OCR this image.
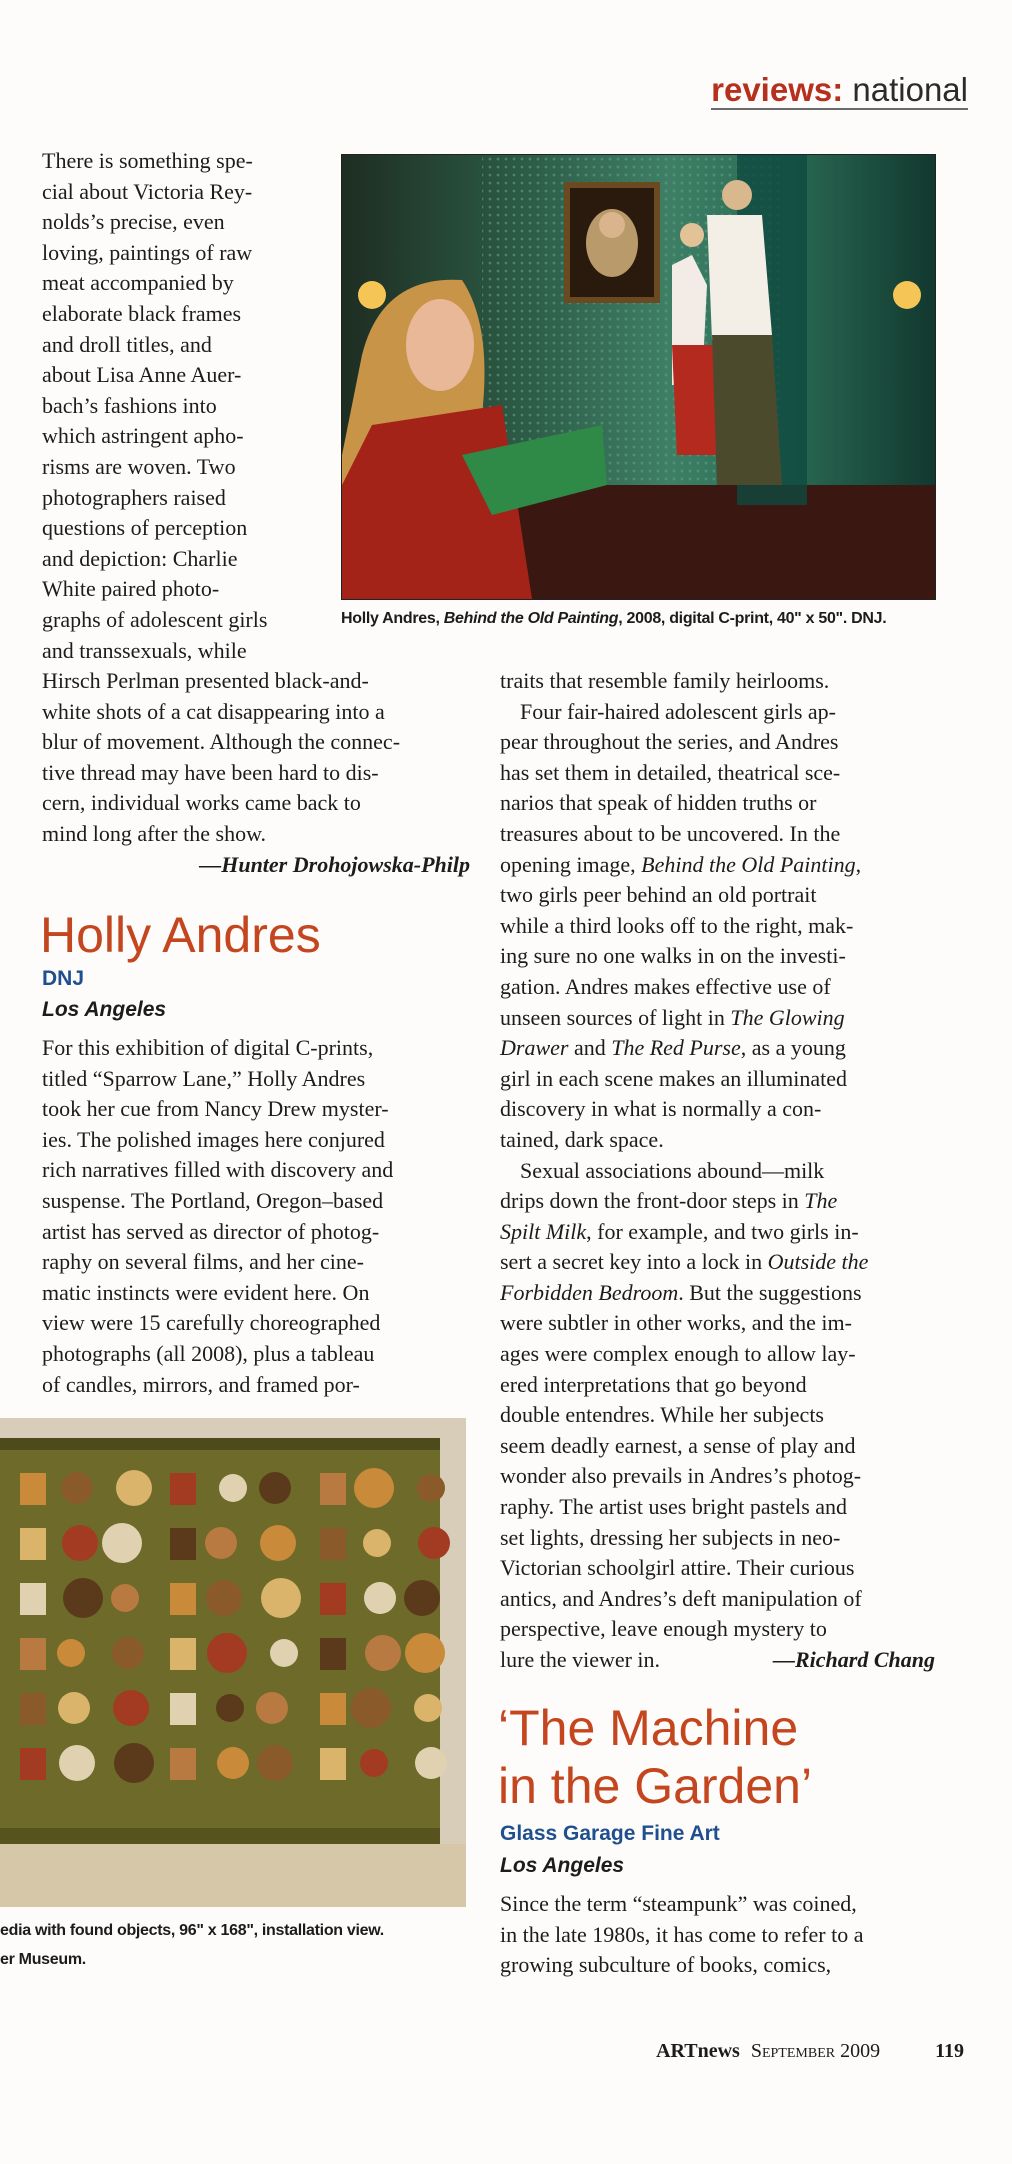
reviews: national
There is something spe-
cial about Victoria Rey-
nolds’s precise, even
loving, paintings of raw
meat accompanied by
elaborate black frames
and droll titles, and
about Lisa Anne Auer-
bach’s fashions into
which astringent apho-
risms are woven. Two
photographers raised
questions of perception
and depiction: Charlie
White paired photo-
graphs of adolescent girls
and transsexuals, while
Hirsch Perlman presented black-and-
white shots of a cat disappearing into a
blur of movement. Although the connec-
tive thread may have been hard to dis-
cern, individual works came back to
mind long after the show.
—Hunter Drohojowska-Philp
Holly Andres, Behind the Old Painting, 2008, digital C-print, 40" x 50". DNJ.
Holly Andres
DNJ
Los Angeles
For this exhibition of digital C-prints,
titled “Sparrow Lane,” Holly Andres
took her cue from Nancy Drew myster-
ies. The polished images here conjured
rich narratives filled with discovery and
suspense. The Portland, Oregon–based
artist has served as director of photog-
raphy on several films, and her cine-
matic instincts were evident here. On
view were 15 carefully choreographed
photographs (all 2008), plus a tableau
of candles, mirrors, and framed por-
traits that resemble family heirlooms.
Four fair-haired adolescent girls ap-
pear throughout the series, and Andres
has set them in detailed, theatrical sce-
narios that speak of hidden truths or
treasures about to be uncovered. In the
opening image, Behind the Old Painting,
two girls peer behind an old portrait
while a third looks off to the right, mak-
ing sure no one walks in on the investi-
gation. Andres makes effective use of
unseen sources of light in The Glowing
Drawer and The Red Purse, as a young
girl in each scene makes an illuminated
discovery in what is normally a con-
tained, dark space.
Sexual associations abound—milk
drips down the front-door steps in The
Spilt Milk, for example, and two girls in-
sert a secret key into a lock in Outside the
Forbidden Bedroom. But the suggestions
were subtler in other works, and the im-
ages were complex enough to allow lay-
ered interpretations that go beyond
double entendres. While her subjects
seem deadly earnest, a sense of play and
wonder also prevails in Andres’s photog-
raphy. The artist uses bright pastels and
set lights, dressing her subjects in neo-
Victorian schoolgirl attire. Their curious
antics, and Andres’s deft manipulation of
perspective, leave enough mystery to
lure the viewer in.	—Richard Chang
edia with found objects, 96" x 168", installation view.
er Museum.
‘The Machine
in the Garden’
Glass Garage Fine Art
Los Angeles
Since the term “steampunk” was coined,
in the late 1980s, it has come to refer to a
growing subculture of books, comics,
ARTnews September 2009	119
